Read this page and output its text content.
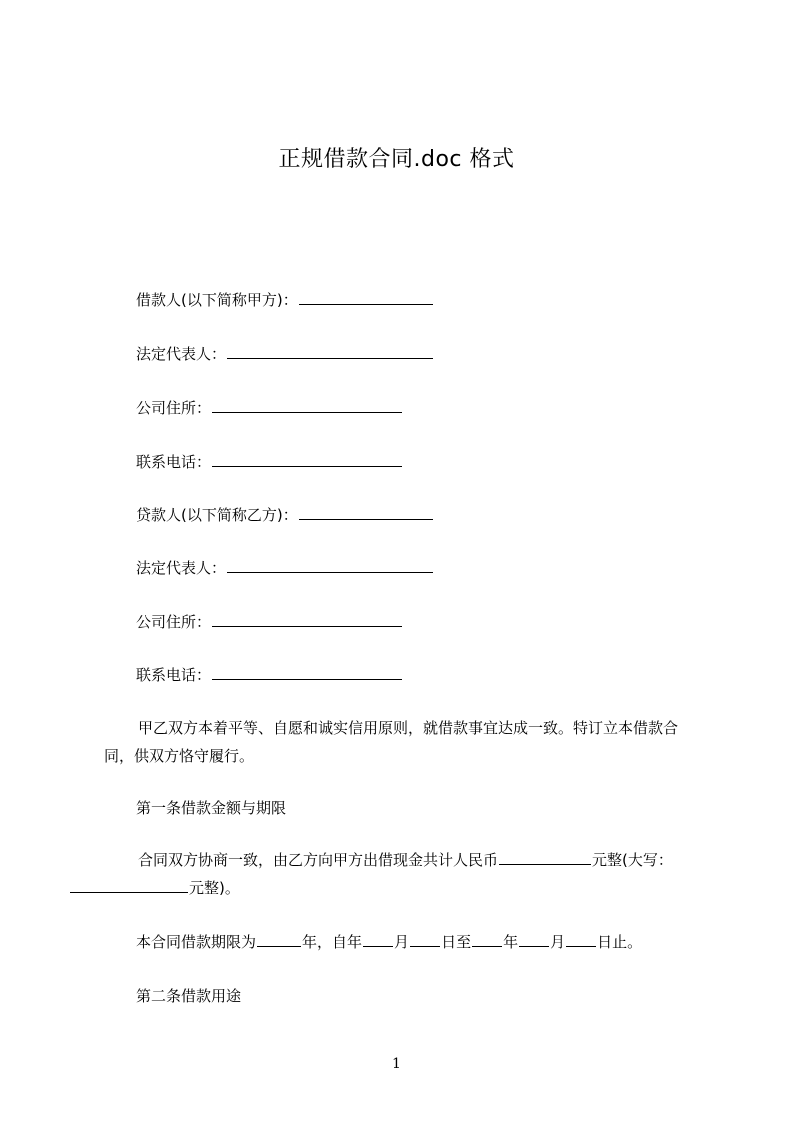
正规借款合同.doc 格式
借款人(以下简称甲方)：
法定代表人：
公司住所：
联系电话：
贷款人(以下简称乙方)：
法定代表人：
公司住所：
联系电话：
甲乙双方本着平等、自愿和诚实信用原则，就借款事宜达成一致。特订立本借款合同，供双方恪守履行。
第一条借款金额与期限
合同双方协商一致，由乙方向甲方出借现金共计人民币	元整(大写：元整)。
本合同借款期限为	年，自年 月 日至 年 月 日止。
第二条借款用途
1
